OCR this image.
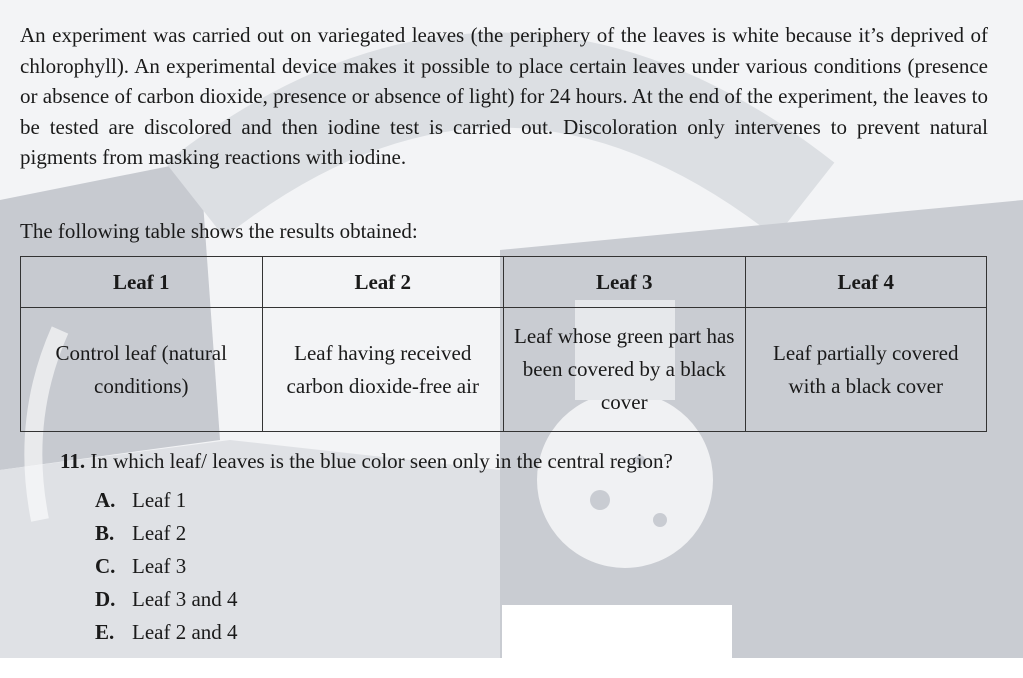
An experiment was carried out on variegated leaves (the periphery of the leaves is white because it’s deprived of chlorophyll). An experimental device makes it possible to place certain leaves under various conditions (presence or absence of carbon dioxide, presence or absence of light) for 24 hours. At the end of the experiment, the leaves to be tested are discolored and then iodine test is carried out. Discoloration only intervenes to prevent natural pigments from masking reactions with iodine.

The following table shows the results obtained:

Leaf 1	Leaf 2	Leaf 3	Leaf 4
Control leaf (natural conditions)	Leaf having received carbon dioxide-free air	Leaf whose green part has been covered by a black cover	Leaf partially covered with a black cover

11. In which leaf/ leaves is the blue color seen only in the central region?

A. Leaf 1
B. Leaf 2
C. Leaf 3
D. Leaf 3 and 4
E. Leaf 2 and 4
